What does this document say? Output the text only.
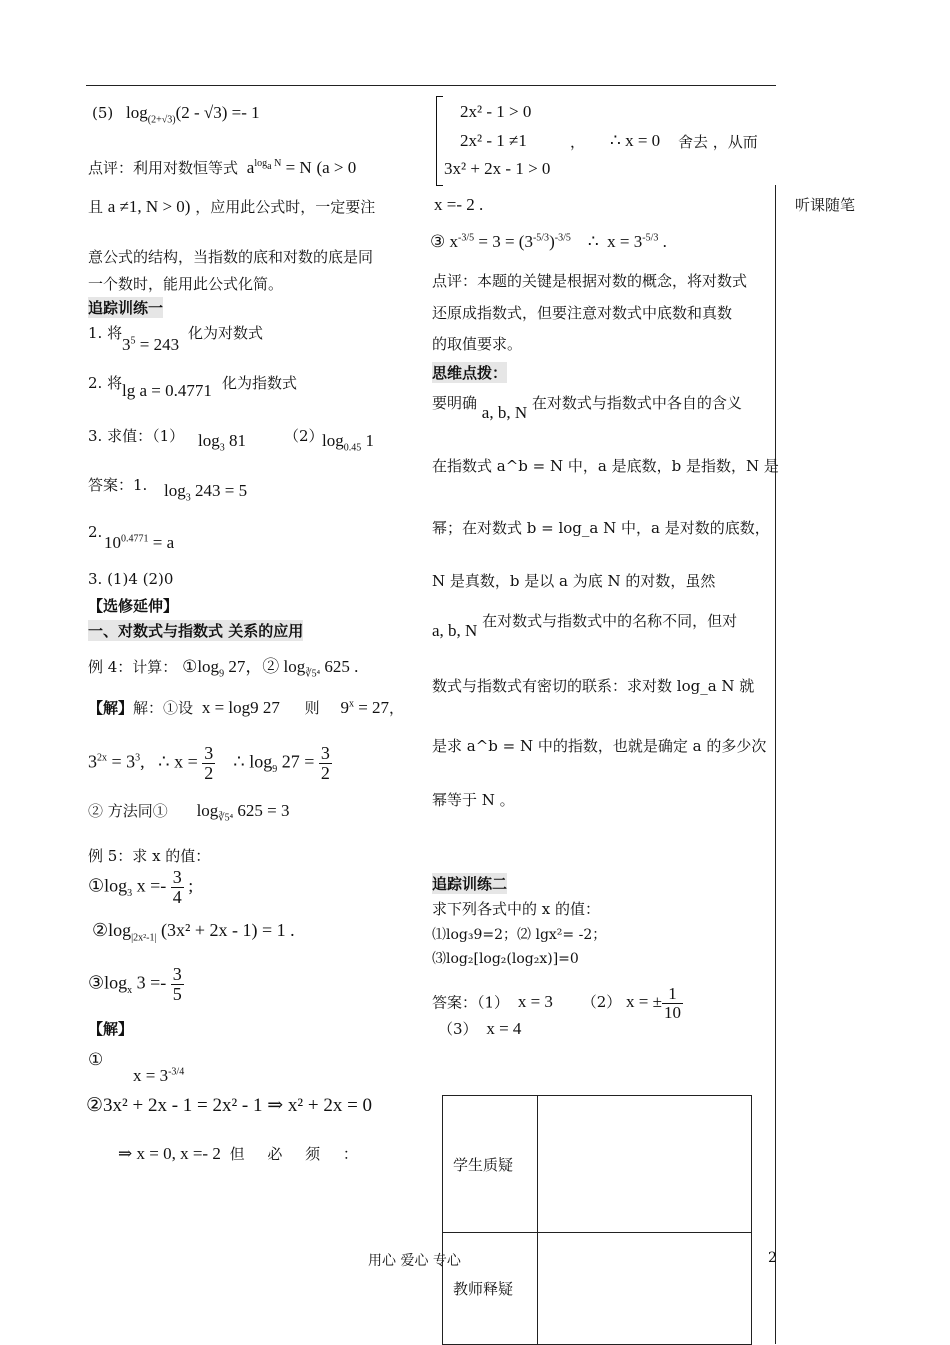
(5) $\log_{(2+√3)}(2 - √3) =- 1$
点评：利用对数恒等式 $a^{log_a N} = N$ (a > 0
且 a ≠1, N > 0) ，应用此公式时，一定要注
意公式的结构，当指数的底和对数的底是同
一个数时，能用此公式化简。
追踪训练一
1. 将
$3^5 = 243$
化为对数式
2. 将 lg a = 0.4771 化为指数式
3. 求值：（1） $\log_3 81$	（2）
$\log_{0.45} 1$
答案：1. $\log_3 243 = 5$
2.
$10^{0.4771} = a$
3. (1)4 (2)0
【选修延伸】
一、对数式与指数式 关系的应用
例 4：计算： $①\log_9$ 27，② $\log_{∛5^4} 625$ .
【解】解：①设 x = log9 27 则 $9^x = 27$，
$3^{2x} = 3^3$,   ∴ $x = \frac{3}{2}$ ∴ $\log_9 27 = \frac{3}{2}$
② 方法同① $\log_{∛5^4} 625 = 3$
例 5：求 x 的值：
$①\log_3$ $x =- \frac{3}{4}$ ;
$②\log_{|2x^2-1|}$ (3x² + 2x - 1) = 1 .
$③\log_x$ $3 =- \frac{3}{5}$
【解】
①       $x = 3^{-3/4}$
②3x² + 2x - 1 = 2x² - 1 ⇒ x² + 2x = 0
⇒ x = 0, x =- 2 但 必 须 ：
2x² - 1 > 0
2x² - 1 ≠1
3x² + 2x - 1 > 0
， ∴ x = 0 舍去 ，从而
x =- 2 .
③ $x^{-3/5} = 3 = (3^{-5/3})^{-3/5}$    ∴  $x = 3^{-5/3}$ .
点评：本题的关键是根据对数的概念，将对数式
还原成指数式，但要注意对数式中底数和真数
的取值要求。
思维点拨：
要明确 a, b, N 在对数式与指数式中各自的含义
在指数式 a^b = N 中，a 是底数，b 是指数，N 是
幂；在对数式 b = log_a N 中，a 是对数的底数，
N 是真数，b 是以 a 为底 N 的对数，虽然
a, b, N 在对数式与指数式中的名称不同，但对
数式与指数式有密切的联系：求对数 log_a N 就
是求 a^b = N 中的指数，也就是确定 a 的多少次
幂等于 N 。
追踪训练二
求下列各式中的 x 的值：
⑴log₃9=2；⑵ lgx²= -2；
⑶log₂[log₂(log₂x)]=0
答案：（1） x = 3 （2） x = ± $\frac{1}{10}$
（3） x = 4
学生质疑
教师释疑
听课随笔
用心 爱心 专心	2
